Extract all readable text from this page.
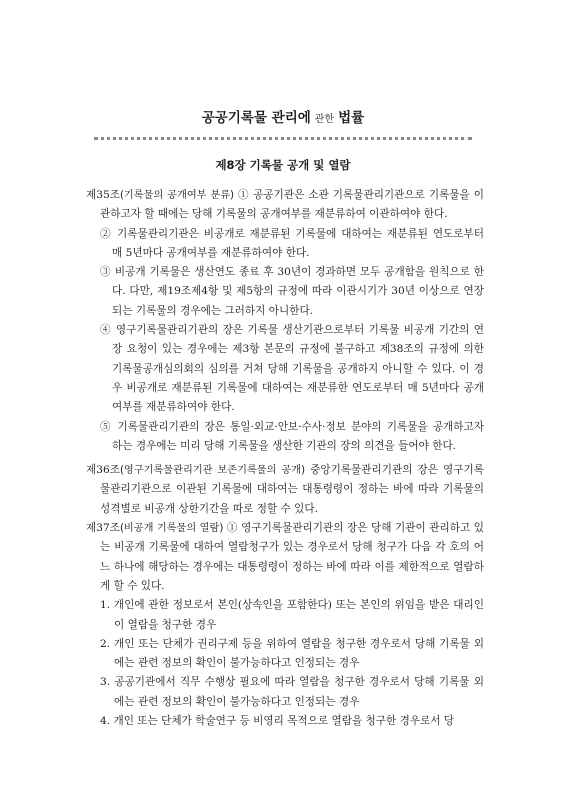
공공기록물 관리에 관한 법률
제8장 기록물 공개 및 열람

제35조(기록물의 공개여부 분류) ① 공공기관은 소관 기록물관리기관으로 기록물을 이관하고자 할 때에는 당해 기록물의 공개여부를 재분류하여 이관하여야 한다.

② 기록물관리기관은 비공개로 재분류된 기록물에 대하여는 재분류된 연도로부터 매 5년마다 공개여부를 재분류하여야 한다.

③ 비공개 기록물은 생산연도 종료 후 30년이 경과하면 모두 공개함을 원칙으로 한다. 다만, 제19조제4항 및 제5항의 규정에 따라 이관시기가 30년 이상으로 연장되는 기록물의 경우에는 그러하지 아니한다.

④ 영구기록물관리기관의 장은 기록물 생산기관으로부터 기록물 비공개 기간의 연장 요청이 있는 경우에는 제3항 본문의 규정에 불구하고 제38조의 규정에 의한 기록물공개심의회의 심의를 거쳐 당해 기록물을 공개하지 아니할 수 있다. 이 경우 비공개로 재분류된 기록물에 대하여는 재분류한 연도로부터 매 5년마다 공개여부를 재분류하여야 한다.

⑤ 기록물관리기관의 장은 통일·외교·안보·수사·정보 분야의 기록물을 공개하고자 하는 경우에는 미리 당해 기록물을 생산한 기관의 장의 의견을 들어야 한다.

제36조(영구기록물관리기관 보존기록물의 공개) 중앙기록물관리기관의 장은 영구기록물관리기관으로 이관된 기록물에 대하여는 대통령령이 정하는 바에 따라 기록물의 성격별로 비공개 상한기간을 따로 정할 수 있다.

제37조(비공개 기록물의 열람) ① 영구기록물관리기관의 장은 당해 기관이 관리하고 있는 비공개 기록물에 대하여 열람청구가 있는 경우로서 당해 청구가 다음 각 호의 어느 하나에 해당하는 경우에는 대통령령이 정하는 바에 따라 이를 제한적으로 열람하게 할 수 있다.

1. 개인에 관한 정보로서 본인(상속인을 포함한다) 또는 본인의 위임을 받은 대리인이 열람을 청구한 경우

2. 개인 또는 단체가 권리구제 등을 위하여 열람을 청구한 경우로서 당해 기록물 외에는 관련 정보의 확인이 불가능하다고 인정되는 경우

3. 공공기관에서 직무 수행상 필요에 따라 열람을 청구한 경우로서 당해 기록물 외에는 관련 정보의 확인이 불가능하다고 인정되는 경우

4. 개인 또는 단체가 학술연구 등 비영리 목적으로 열람을 청구한 경우로서 당
